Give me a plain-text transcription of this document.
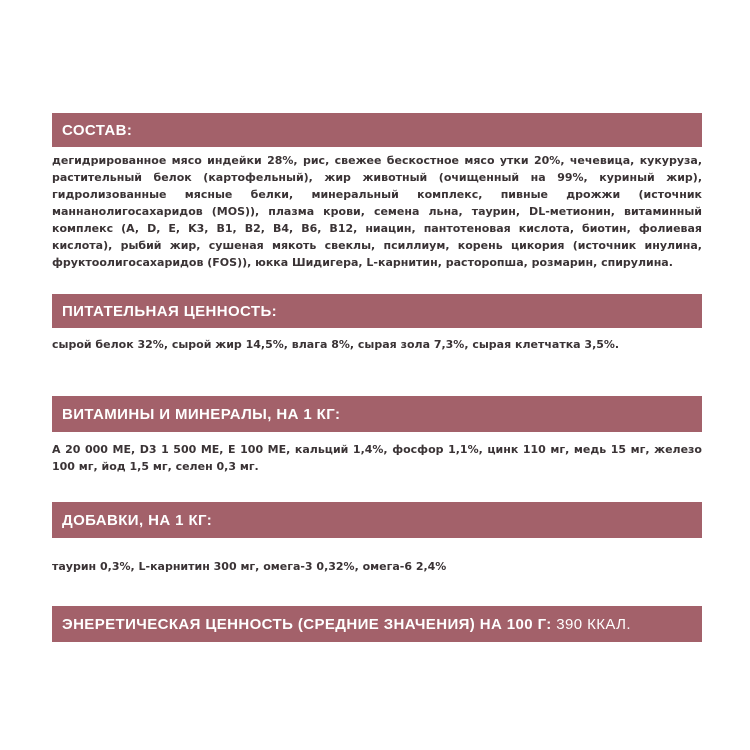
СОСТАВ:

дегидрированное мясо индейки 28%, рис, свежее бескостное мясо утки 20%, чечевица, кукуруза, растительный белок (картофельный), жир животный (очищенный на 99%, куриный жир), гидролизованные мясные белки, минеральный комплекс, пивные дрожжи (источник маннанолигосахаридов (MOS)), плазма крови, семена льна, таурин, DL-метионин, витаминный комплекс (A, D, E, K3, B1, B2, B4, B6, B12, ниацин, пантотеновая кислота, биотин, фолиевая кислота), рыбий жир, сушеная мякоть свеклы, псиллиум, корень цикория (источник инулина, фруктоолигосахаридов (FOS)), юкка Шидигера, L-карнитин, расторопша, розмарин, спирулина.

ПИТАТЕЛЬНАЯ ЦЕННОСТЬ:

сырой белок 32%, сырой жир 14,5%, влага 8%, сырая зола 7,3%, сырая клетчатка 3,5%.

ВИТАМИНЫ И МИНЕРАЛЫ, НА 1 КГ:

А 20 000 МЕ, D3 1 500 МЕ, Е 100 МЕ, кальций 1,4%, фосфор 1,1%, цинк 110 мг, медь 15 мг, железо 100 мг, йод 1,5 мг, селен 0,3 мг.

ДОБАВКИ, НА 1 КГ:

таурин 0,3%, L-карнитин 300 мг, омега-3 0,32%, омега-6 2,4%

ЭНЕРЕТИЧЕСКАЯ ЦЕННОСТЬ (СРЕДНИЕ ЗНАЧЕНИЯ) НА 100 Г:
390 ККАЛ.
